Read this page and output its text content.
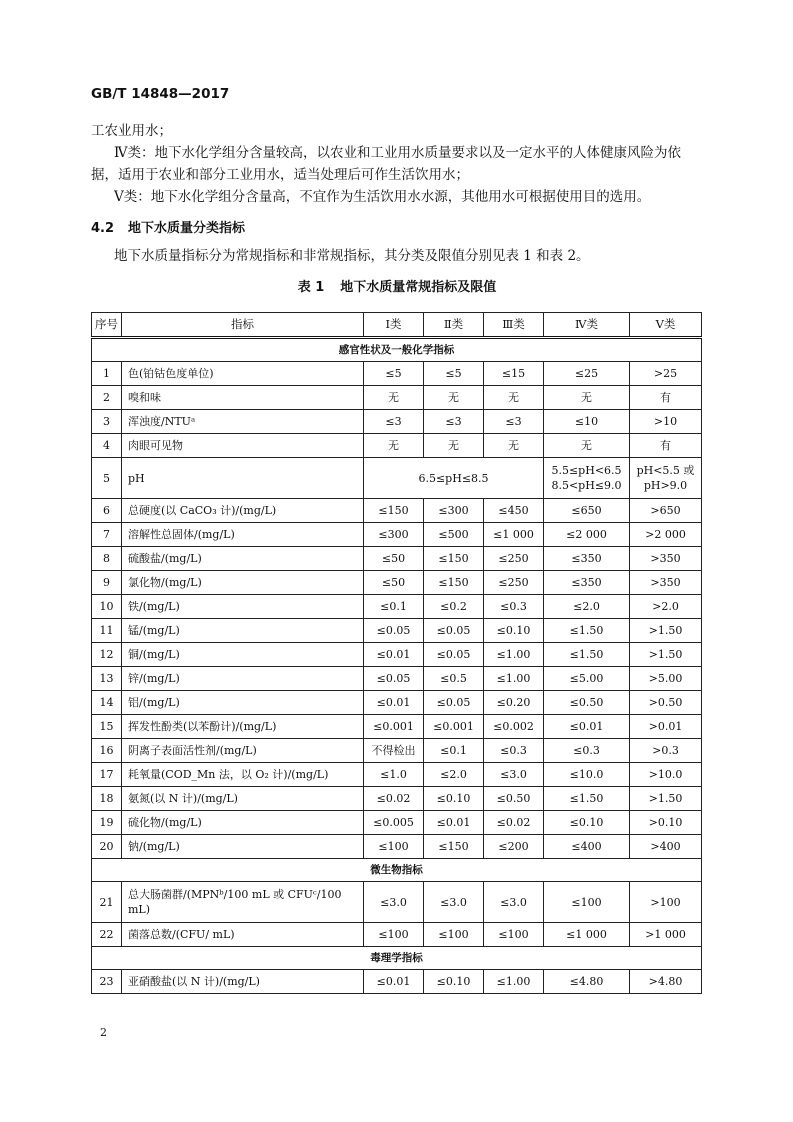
GB/T 14848—2017
工农业用水；
Ⅳ类：地下水化学组分含量较高，以农业和工业用水质量要求以及一定水平的人体健康风险为依据，适用于农业和部分工业用水，适当处理后可作生活饮用水；
Ⅴ类：地下水化学组分含量高，不宜作为生活饮用水水源，其他用水可根据使用目的选用。
4.2 地下水质量分类指标
地下水质量指标分为常规指标和非常规指标，其分类及限值分别见表 1 和表 2。
表 1 地下水质量常规指标及限值
序号	指标	Ⅰ类	Ⅱ类	Ⅲ类	Ⅳ类	Ⅴ类
感官性状及一般化学指标						
1	色(铂钴色度单位)	≤5	≤5	≤15	≤25	>25
2	嗅和味	无	无	无	无	有
3	浑浊度/NTUᵃ	≤3	≤3	≤3	≤10	>10
4	肉眼可见物	无	无	无	无	有
5	pH	6.5≤pH≤8.5			5.5≤pH<6.5 8.5<pH≤9.0	pH<5.5 或 pH>9.0
6	总硬度(以 CaCO₃ 计)/(mg/L)	≤150	≤300	≤450	≤650	>650
7	溶解性总固体/(mg/L)	≤300	≤500	≤1 000	≤2 000	>2 000
8	硫酸盐/(mg/L)	≤50	≤150	≤250	≤350	>350
9	氯化物/(mg/L)	≤50	≤150	≤250	≤350	>350
10	铁/(mg/L)	≤0.1	≤0.2	≤0.3	≤2.0	>2.0
11	锰/(mg/L)	≤0.05	≤0.05	≤0.10	≤1.50	>1.50
12	铜/(mg/L)	≤0.01	≤0.05	≤1.00	≤1.50	>1.50
13	锌/(mg/L)	≤0.05	≤0.5	≤1.00	≤5.00	>5.00
14	铝/(mg/L)	≤0.01	≤0.05	≤0.20	≤0.50	>0.50
15	挥发性酚类(以苯酚计)/(mg/L)	≤0.001	≤0.001	≤0.002	≤0.01	>0.01
16	阴离子表面活性剂/(mg/L)	不得检出	≤0.1	≤0.3	≤0.3	>0.3
17	耗氧量(COD_Mn 法，以 O₂ 计)/(mg/L)	≤1.0	≤2.0	≤3.0	≤10.0	>10.0
18	氨氮(以 N 计)/(mg/L)	≤0.02	≤0.10	≤0.50	≤1.50	>1.50
19	硫化物/(mg/L)	≤0.005	≤0.01	≤0.02	≤0.10	>0.10
20	钠/(mg/L)	≤100	≤150	≤200	≤400	>400
微生物指标						
21	总大肠菌群/(MPNᵇ/100 mL 或 CFUᶜ/100 mL)	≤3.0	≤3.0	≤3.0	≤100	>100
22	菌落总数/(CFU/ mL)	≤100	≤100	≤100	≤1 000	>1 000
毒理学指标						
23	亚硝酸盐(以 N 计)/(mg/L)	≤0.01	≤0.10	≤1.00	≤4.80	>4.80
2
